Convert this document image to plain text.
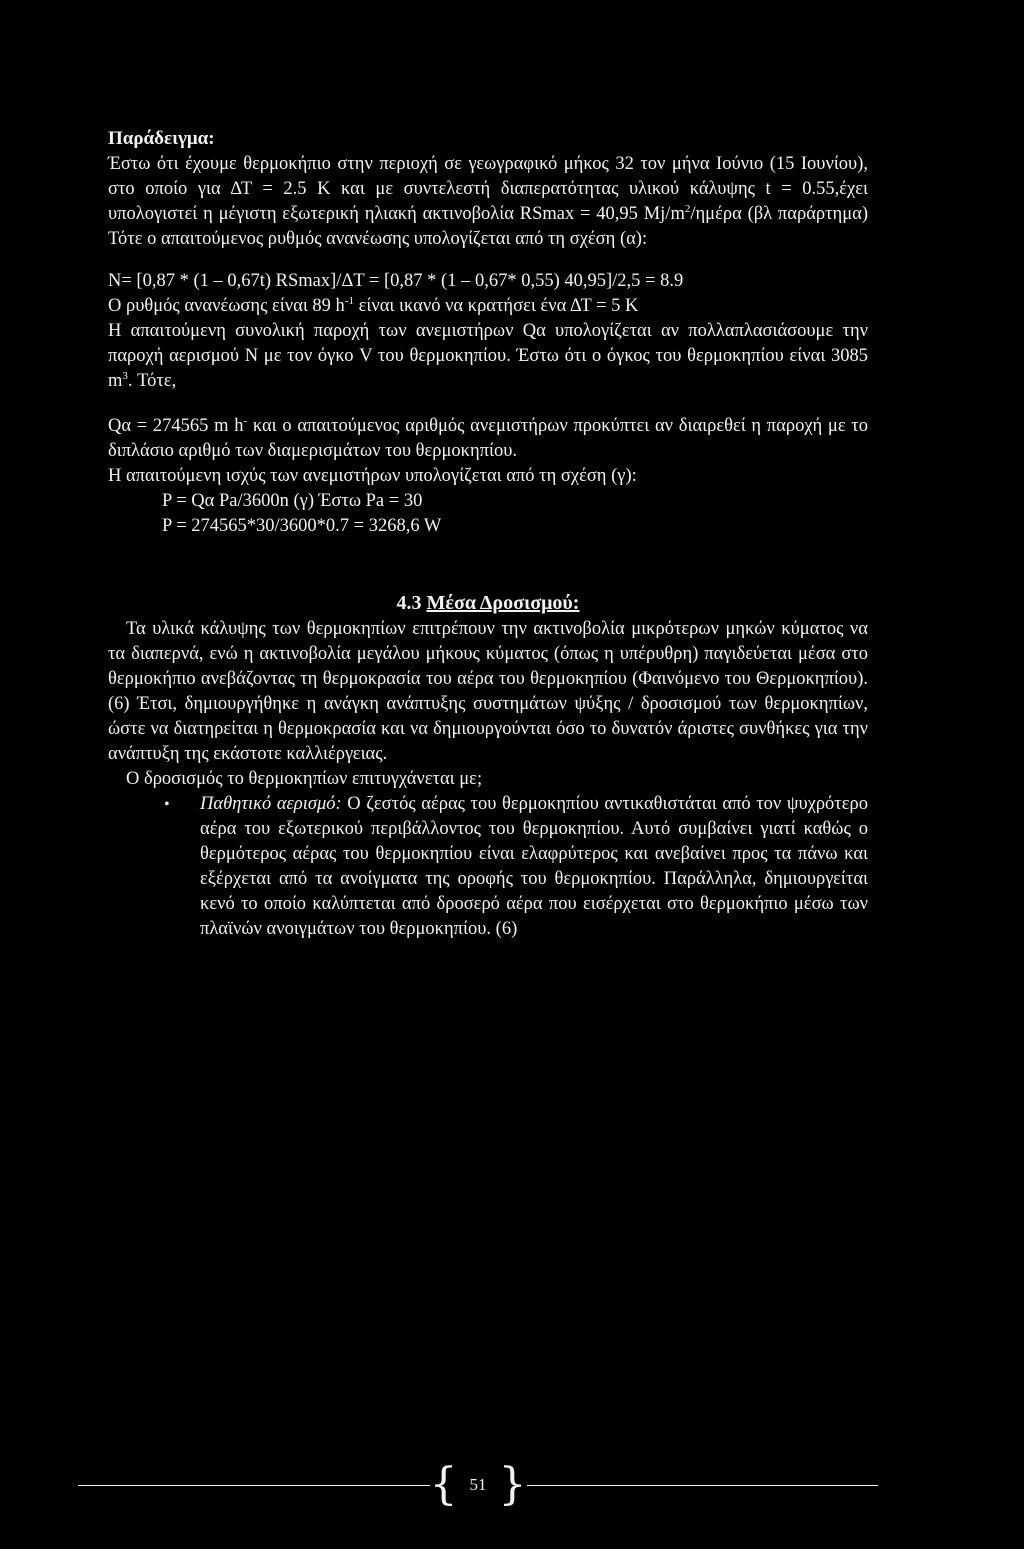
Παράδειγμα:
Έστω ότι έχουμε θερμοκήπιο στην περιοχή σε γεωγραφικό μήκος 32 τον μήνα Ιούνιο (15 Ιουνίου), στο οποίο για ΔΤ = 2.5 Κ και με συντελεστή διαπερατότητας υλικού κάλυψης t = 0.55,έχει υπολογιστεί η μέγιστη εξωτερική ηλιακή ακτινοβολία RSmax = 40,95 $Mj/m^2$/ημέρα (βλ παράρτημα) Τότε ο απαιτούμενος ρυθμός ανανέωσης υπολογίζεται από τη σχέση (α):
N= [0,87 * (1 – 0,67t) RSmax]/ΔT = [0,87 * (1 – 0,67* 0,55) 40,95]/2,5 = 8.9
Ο ρυθμός ανανέωσης είναι 89 $h^{-1}$ είναι ικανό να κρατήσει ένα ΔΤ = 5 Κ
Η απαιτούμενη συνολική παροχή των ανεμιστήρων Qα υπολογίζεται αν πολλαπλασιάσουμε την παροχή αερισμού Ν με τον όγκο V του θερμοκηπίου. Έστω ότι ο όγκος του θερμοκηπίου είναι 3085 $m^3$. Τότε,
Qα = 274565 m h- και ο απαιτούμενος αριθμός ανεμιστήρων προκύπτει αν διαιρεθεί η παροχή με το διπλάσιο αριθμό των διαμερισμάτων του θερμοκηπίου.
Η απαιτούμενη ισχύς των ανεμιστήρων υπολογίζεται από τη σχέση (γ):
P = Qα Pa/3600n (γ) Έστω Pa = 30
P = 274565*30/3600*0.7 = 3268,6 W
4.3 Μέσα Δροσισμού:
Τα υλικά κάλυψης των θερμοκηπίων επιτρέπουν την ακτινοβολία μικρότερων μηκών κύματος να τα διαπερνά, ενώ η ακτινοβολία μεγάλου μήκους κύματος (όπως η υπέρυθρη) παγιδεύεται μέσα στο θερμοκήπιο ανεβάζοντας τη θερμοκρασία του αέρα του θερμοκηπίου (Φαινόμενο του Θερμοκηπίου). (6) Έτσι, δημιουργήθηκε η ανάγκη ανάπτυξης συστημάτων ψύξης / δροσισμού των θερμοκηπίων, ώστε να διατηρείται η θερμοκρασία και να δημιουργούνται όσο το δυνατόν άριστες συνθήκες για την ανάπτυξη της εκάστοτε καλλιέργειας.
Ο δροσισμός το θερμοκηπίων επιτυγχάνεται με;
•	Παθητικό αερισμό: Ο ζεστός αέρας του θερμοκηπίου αντικαθιστάται από τον ψυχρότερο αέρα του εξωτερικού περιβάλλοντος του θερμοκηπίου. Αυτό συμβαίνει γιατί καθώς ο θερμότερος αέρας του θερμοκηπίου είναι ελαφρύτερος και ανεβαίνει προς τα πάνω και εξέρχεται από τα ανοίγματα της οροφής του θερμοκηπίου. Παράλληλα, δημιουργείται κενό το οποίο καλύπτεται από δροσερό αέρα που εισέρχεται στο θερμοκήπιο μέσω των πλαϊνών ανοιγμάτων του θερμοκηπίου. (6)
{ 51 }
